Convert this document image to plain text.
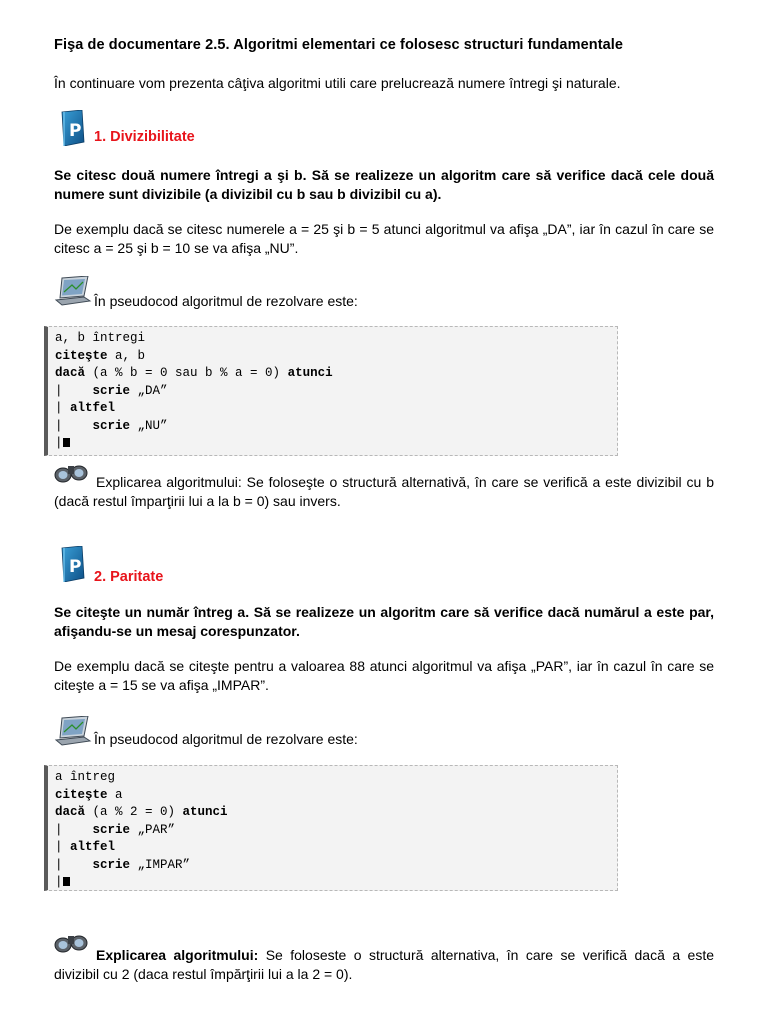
Fişa de documentare 2.5. Algoritmi elementari ce folosesc structuri fundamentale
În continuare vom prezenta câţiva algoritmi utili care prelucrează numere întregi şi naturale.
P 1. Divizibilitate
Se citesc două numere întregi a şi b. Să se realizeze un algoritm care să verifice dacă cele două numere sunt divizibile (a divizibil cu b sau b divizibil cu a).
De exemplu dacă se citesc numerele a = 25 şi b = 5 atunci algoritmul va afişa „DA”, iar în cazul în care se citesc a = 25 şi b = 10 se va afişa „NU”.
În pseudocod algoritmul de rezolvare este:
a, b întregi
citeşte a, b
dacă (a % b = 0 sau b % a = 0) atunci
|    scrie „DA”
| altfel
|    scrie „NU”
|
Explicarea algoritmului: Se foloseşte o structură alternativă, în care se verifică a este divizibil cu b (dacă restul împarţirii lui a la b = 0) sau invers.
P 2. Paritate
Se citeşte un număr întreg a. Să se realizeze un algoritm care să verifice dacă numărul a este par, afişandu-se un mesaj corespunzator.
De exemplu dacă se citeşte pentru a valoarea 88 atunci algoritmul va afişa „PAR”, iar în cazul în care se citeşte a = 15 se va afişa „IMPAR”.
În pseudocod algoritmul de rezolvare este:
a întreg
citeşte a
dacă (a % 2 = 0) atunci
|    scrie „PAR”
| altfel
|    scrie „IMPAR”
|
Explicarea algoritmului: Se foloseste o structură alternativa, în care se verifică dacă a este divizibil cu 2 (daca restul împărţirii lui a la 2 = 0).
